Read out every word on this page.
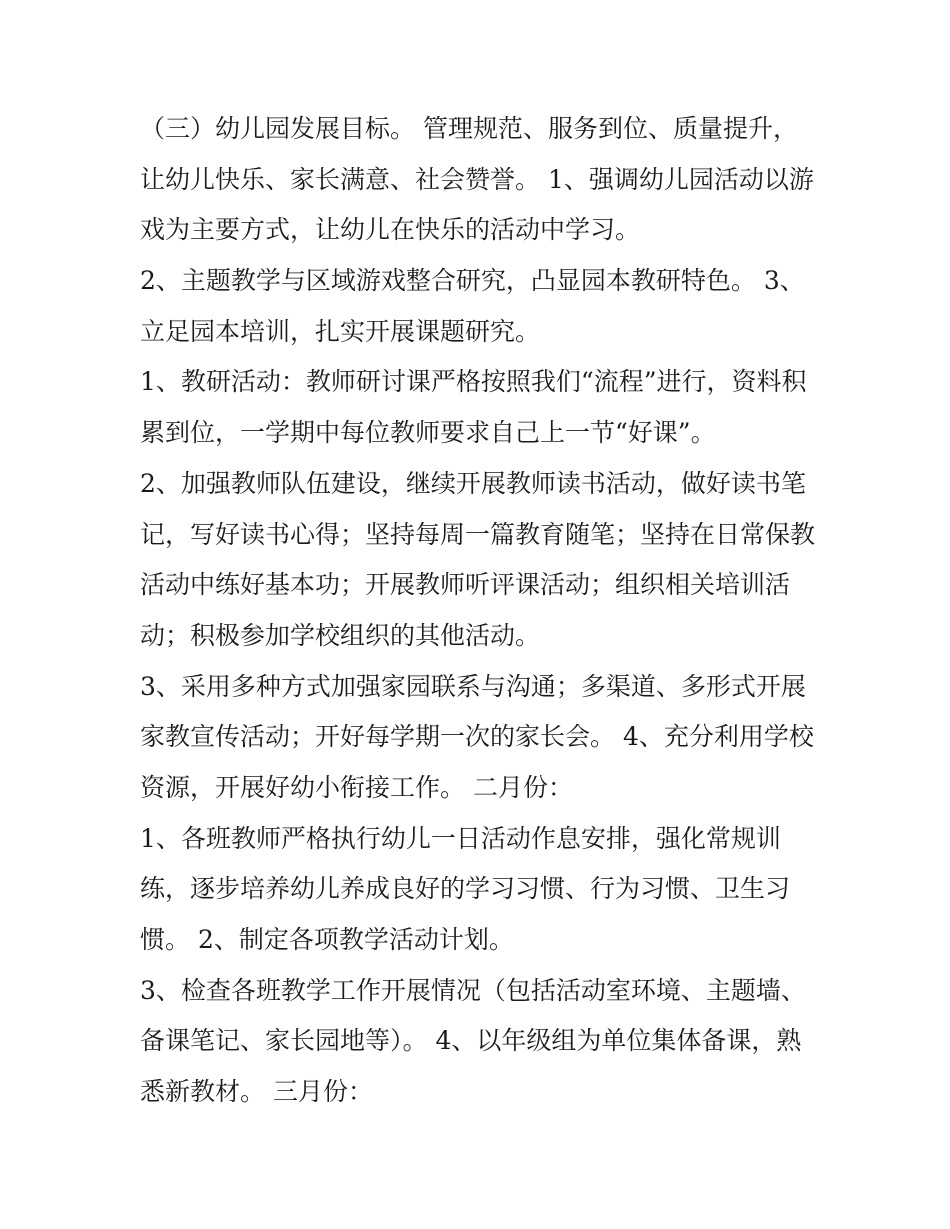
（三）幼儿园发展目标。 管理规范、服务到位、质量提升，
让幼儿快乐、家长满意、社会赞誉。 1、强调幼儿园活动以游
戏为主要方式，让幼儿在快乐的活动中学习。
2、主题教学与区域游戏整合研究，凸显园本教研特色。 3、
立足园本培训，扎实开展课题研究。
1、教研活动：教师研讨课严格按照我们“流程”进行，资料积
累到位，一学期中每位教师要求自己上一节“好课”。
2、加强教师队伍建设，继续开展教师读书活动，做好读书笔
记，写好读书心得；坚持每周一篇教育随笔；坚持在日常保教
活动中练好基本功；开展教师听评课活动；组织相关培训活
动；积极参加学校组织的其他活动。
3、采用多种方式加强家园联系与沟通；多渠道、多形式开展
家教宣传活动；开好每学期一次的家长会。 4、充分利用学校
资源，开展好幼小衔接工作。 二月份：
1、各班教师严格执行幼儿一日活动作息安排，强化常规训
练，逐步培养幼儿养成良好的学习习惯、行为习惯、卫生习
惯。 2、制定各项教学活动计划。
3、检查各班教学工作开展情况（包括活动室环境、主题墙、
备课笔记、家长园地等）。 4、以年级组为单位集体备课，熟
悉新教材。 三月份：
